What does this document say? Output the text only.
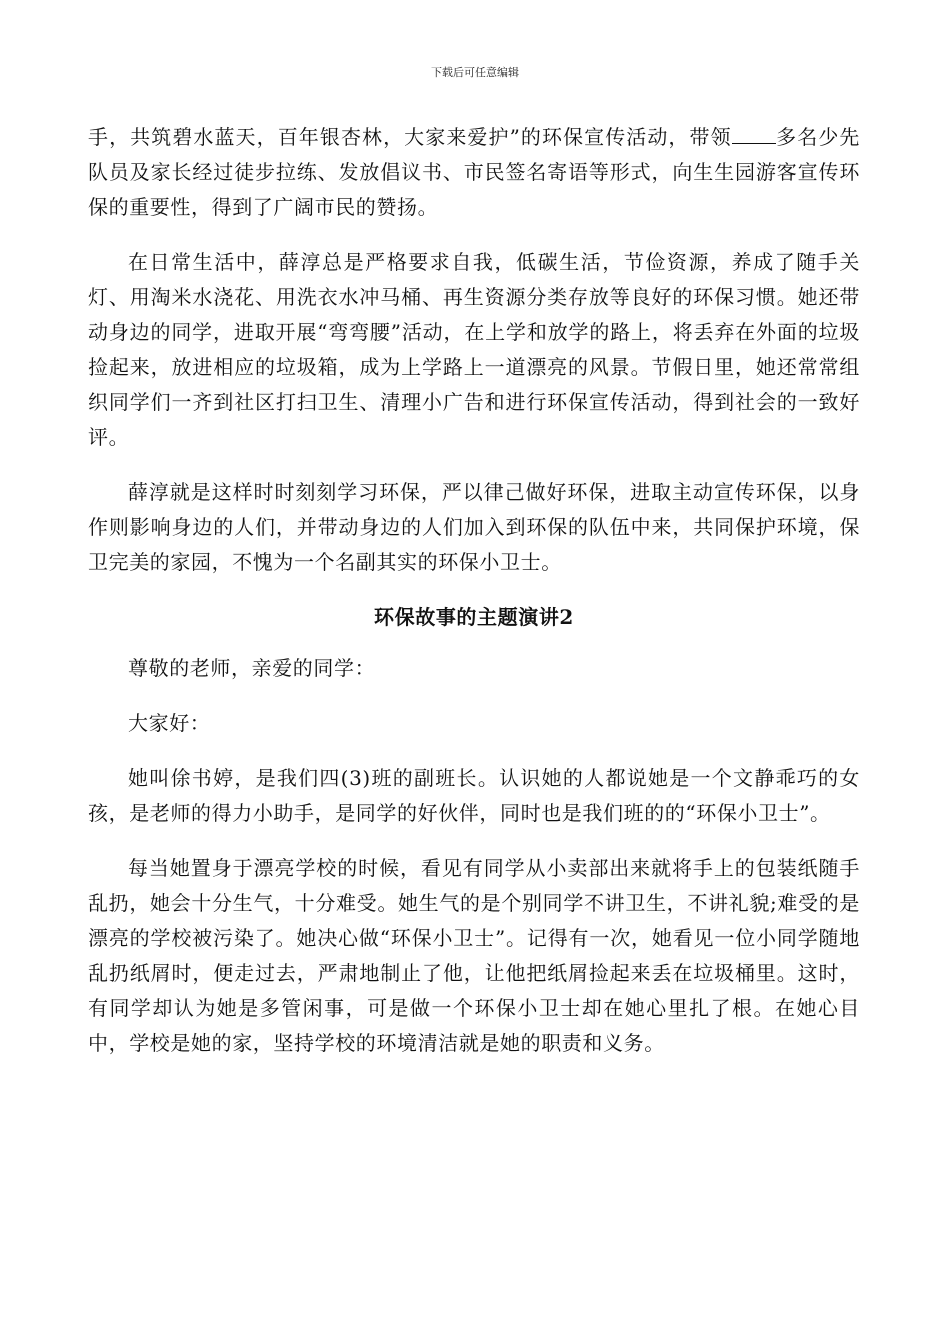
下载后可任意编辑

手，共筑碧水蓝天，百年银杏林，大家来爱护”的环保宣传活动，带领 多名少先队员及家长经过徒步拉练、发放倡议书、市民签名寄语等形式，向生生园游客宣传环保的重要性，得到了广阔市民的赞扬。

在日常生活中，薛淳总是严格要求自我，低碳生活，节俭资源，养成了随手关灯、用淘米水浇花、用洗衣水冲马桶、再生资源分类存放等良好的环保习惯。她还带动身边的同学，进取开展“弯弯腰”活动，在上学和放学的路上，将丢弃在外面的垃圾捡起来，放进相应的垃圾箱，成为上学路上一道漂亮的风景。节假日里，她还常常组织同学们一齐到社区打扫卫生、清理小广告和进行环保宣传活动，得到社会的一致好评。

薛淳就是这样时时刻刻学习环保，严以律己做好环保，进取主动宣传环保，以身作则影响身边的人们，并带动身边的人们加入到环保的队伍中来，共同保护环境，保卫完美的家园，不愧为一个名副其实的环保小卫士。

环保故事的主题演讲2

尊敬的老师，亲爱的同学：

大家好：

她叫俆书婷，是我们四(3)班的副班长。认识她的人都说她是一个文静乖巧的女孩，是老师的得力小助手，是同学的好伙伴，同时也是我们班的的“环保小卫士”。

每当她置身于漂亮学校的时候，看见有同学从小卖部出来就将手上的包装纸随手乱扔，她会十分生气，十分难受。她生气的是个别同学不讲卫生，不讲礼貌;难受的是漂亮的学校被污染了。她决心做“环保小卫士”。记得有一次，她看见一位小同学随地乱扔纸屑时，便走过去，严肃地制止了他，让他把纸屑捡起来丢在垃圾桶里。这时，有同学却认为她是多管闲事，可是做一个环保小卫士却在她心里扎了根。在她心目中，学校是她的家，坚持学校的环境清洁就是她的职责和义务。
